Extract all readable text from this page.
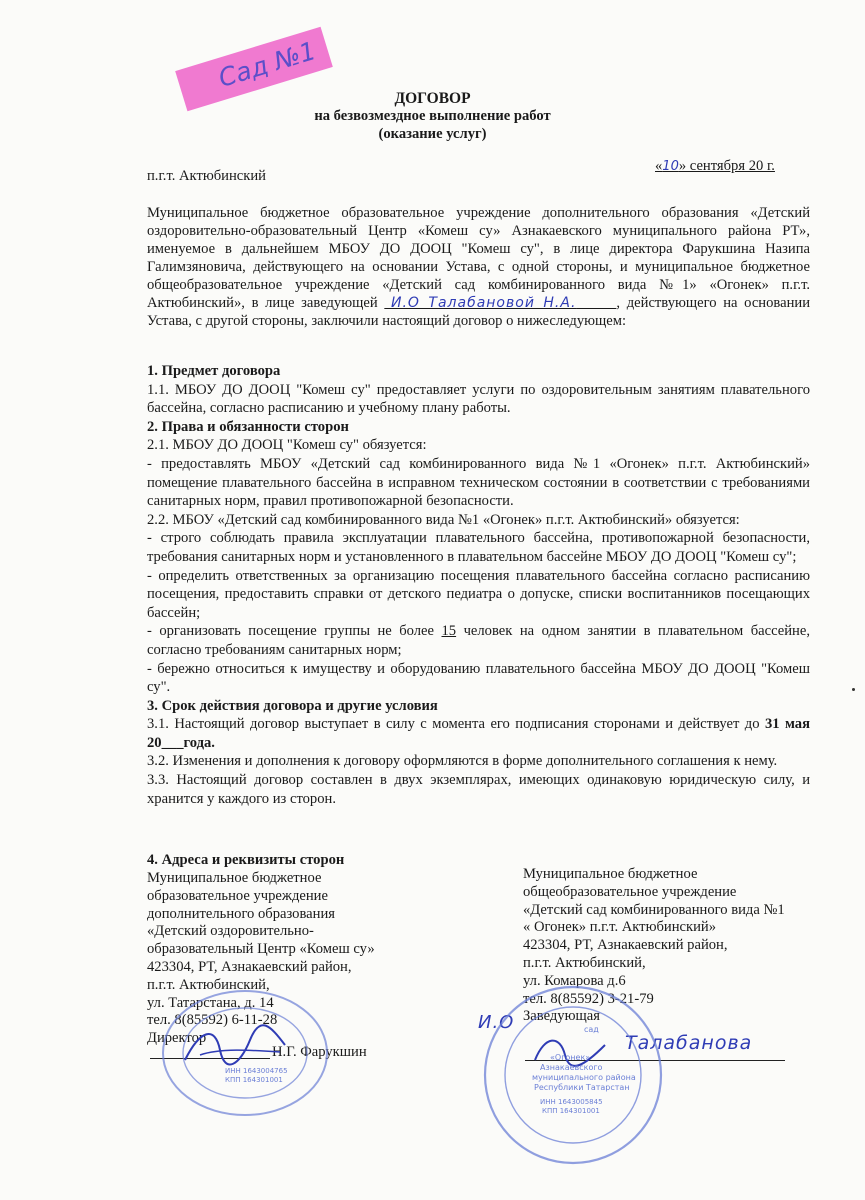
Сад №1
ДОГОВОР
на безвозмездное выполнение работ
(оказание услуг)
п.г.т. Актюбинский
«10» сентября 20 г.
Муниципальное бюджетное образовательное учреждение дополнительного образования «Детский оздоровительно-образовательный Центр «Комеш су» Азнакаевского муниципального района РТ», именуемое в дальнейшем МБОУ ДО ДООЦ "Комеш су", в лице директора Фарукшина Назипа Галимзяновича, действующего на основании Устава, с одной стороны, и муниципальное бюджетное общеобразовательное учреждение «Детский сад комбинированного вида №1» «Огонек» п.г.т. Актюбинский», в лице заведующей И.О Талабановой Н.А.	, действующего на основании Устава, с другой стороны, заключили настоящий договор о нижеследующем:
1. Предмет договора
1.1. МБОУ ДО ДООЦ "Комеш су" предоставляет услуги по оздоровительным занятиям плавательного бассейна, согласно расписанию и учебному плану работы.
2. Права и обязанности сторон
2.1. МБОУ ДО ДООЦ "Комеш су" обязуется:
- предоставлять МБОУ «Детский сад комбинированного вида №1 «Огонек» п.г.т. Актюбинский» помещение плавательного бассейна в исправном техническом состоянии в соответствии с требованиями санитарных норм, правил противопожарной безопасности.
2.2. МБОУ «Детский сад комбинированного вида №1 «Огонек» п.г.т. Актюбинский» обязуется:
- строго соблюдать правила эксплуатации плавательного бассейна, противопожарной безопасности, требования санитарных норм и установленного в плавательном бассейне МБОУ ДО ДООЦ "Комеш су";
- определить ответственных за организацию посещения плавательного бассейна согласно расписанию посещения, предоставить справки от детского педиатра о допуске, списки воспитанников посещающих бассейн;
- организовать посещение группы не более 15 человек на одном занятии в плавательном бассейне, согласно требованиям санитарных норм;
- бережно относиться к имуществу и оборудованию плавательного бассейна МБОУ ДО ДООЦ "Комеш су".
3. Срок действия договора и другие условия
3.1. Настоящий договор выступает в силу с момента его подписания сторонами и действует до 31 мая 20___года.
3.2. Изменения и дополнения к договору оформляются в форме дополнительного соглашения к нему.
3.3. Настоящий договор составлен в двух экземплярах, имеющих одинаковую юридическую силу, и хранится у каждого из сторон.
4. Адреса и реквизиты сторон
Муниципальное бюджетное
образовательное учреждение
дополнительного образования
«Детский оздоровительно-
образовательный Центр «Комеш су»
423304, РТ, Азнакаевский район,
п.г.т. Актюбинский,
ул. Татарстана, д. 14
тел. 8(85592) 6-11-28
Директор
Муниципальное бюджетное
общеобразовательное учреждение
«Детский сад комбинированного вида №1
« Огонек» п.г.т. Актюбинский»
423304, РТ, Азнакаевский район,
п.г.т. Актюбинский,
ул. Комарова д.6
тел. 8(85592) 3-21-79
Заведующая
Н.Г. Фарукшин
ИНН 1643004765
КПП 164301001
И.О
Талабанова
сад
«Огонек»
Азнакаевского
муниципального района
Республики Татарстан
ИНН 1643005845
КПП 164301001
